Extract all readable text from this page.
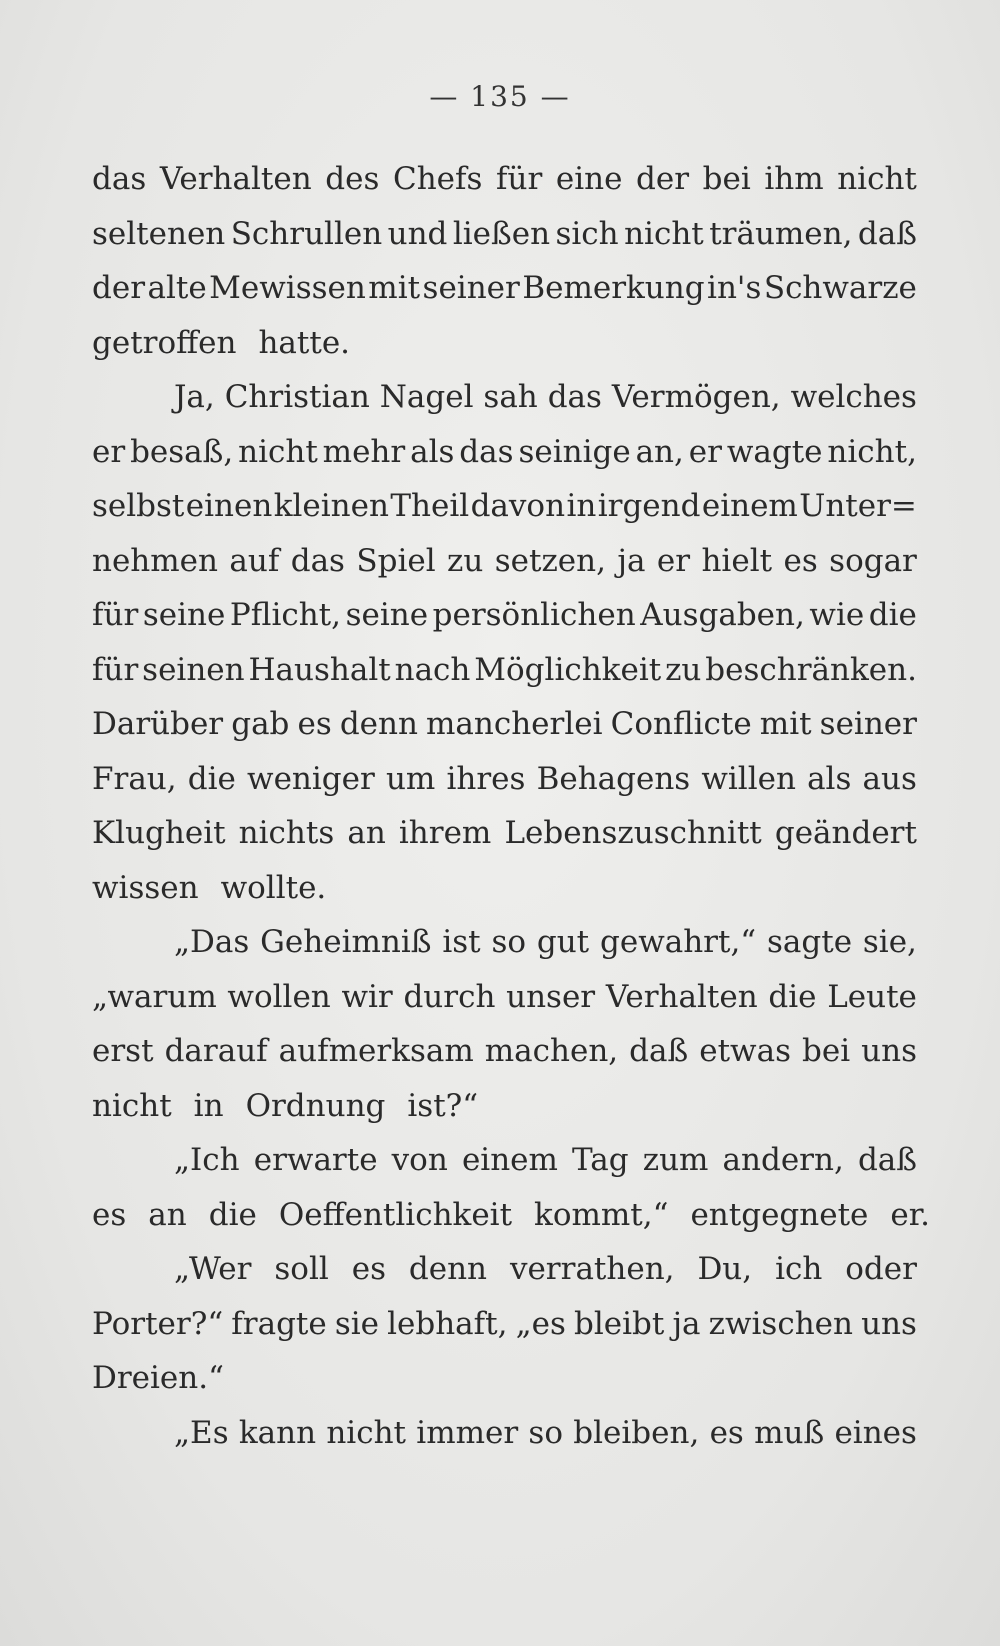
— 135 —
das Verhalten des Chefs für eine der bei ihm nicht
seltenen Schrullen und ließen sich nicht träumen, daß
der alte Mewissen mit seiner Bemerkung in's Schwarze
getroffen hatte.
Ja, Christian Nagel sah das Vermögen, welches
er besaß, nicht mehr als das seinige an, er wagte nicht,
selbst einen kleinen Theil davon in irgend einem Unter=
nehmen auf das Spiel zu setzen, ja er hielt es sogar
für seine Pflicht, seine persönlichen Ausgaben, wie die
für seinen Haushalt nach Möglichkeit zu beschränken.
Darüber gab es denn mancherlei Conflicte mit seiner
Frau, die weniger um ihres Behagens willen als aus
Klugheit nichts an ihrem Lebenszuschnitt geändert
wissen wollte.
„Das Geheimniß ist so gut gewahrt,“ sagte sie,
„warum wollen wir durch unser Verhalten die Leute
erst darauf aufmerksam machen, daß etwas bei uns
nicht in Ordnung ist?“
„Ich erwarte von einem Tag zum andern, daß
es an die Oeffentlichkeit kommt,“ entgegnete er.
„Wer soll es denn verrathen, Du, ich oder
Porter?“ fragte sie lebhaft, „es bleibt ja zwischen uns
Dreien.“
„Es kann nicht immer so bleiben, es muß eines
